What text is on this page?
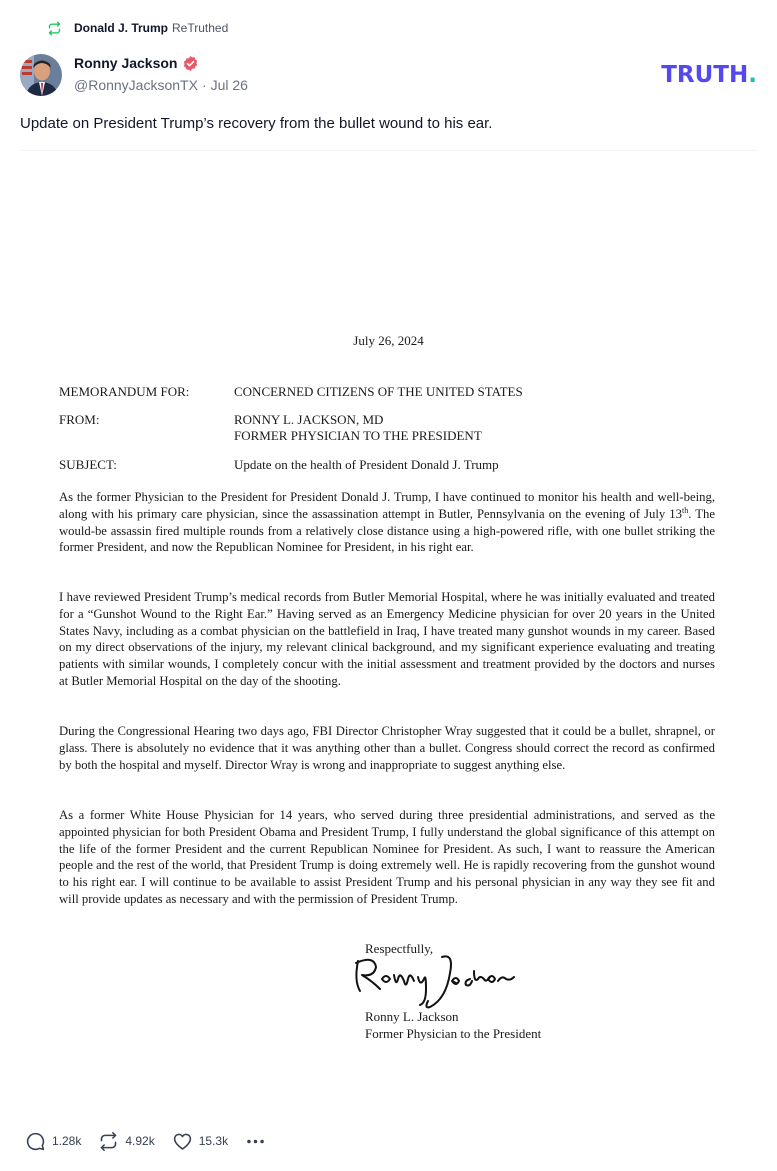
Donald J. Trump ReTruthed
Ronny Jackson
@RonnyJacksonTX · Jul 26	TRUTH.
Update on President Trump’s recovery from the bullet wound to his ear.
July 26, 2024
MEMORANDUM FOR:	CONCERNED CITIZENS OF THE UNITED STATES
FROM:	RONNY L. JACKSON, MD
FORMER PHYSICIAN TO THE PRESIDENT
SUBJECT:	Update on the health of President Donald J. Trump
As the former Physician to the President for President Donald J. Trump, I have continued to monitor his health and well-being, along with his primary care physician, since the assassination attempt in Butler, Pennsylvania on the evening of July 13th. The would-be assassin fired multiple rounds from a relatively close distance using a high-powered rifle, with one bullet striking the former President, and now the Republican Nominee for President, in his right ear.
I have reviewed President Trump’s medical records from Butler Memorial Hospital, where he was initially evaluated and treated for a “Gunshot Wound to the Right Ear.” Having served as an Emergency Medicine physician for over 20 years in the United States Navy, including as a combat physician on the battlefield in Iraq, I have treated many gunshot wounds in my career. Based on my direct observations of the injury, my relevant clinical background, and my significant experience evaluating and treating patients with similar wounds, I completely concur with the initial assessment and treatment provided by the doctors and nurses at Butler Memorial Hospital on the day of the shooting.
During the Congressional Hearing two days ago, FBI Director Christopher Wray suggested that it could be a bullet, shrapnel, or glass. There is absolutely no evidence that it was anything other than a bullet. Congress should correct the record as confirmed by both the hospital and myself. Director Wray is wrong and inappropriate to suggest anything else.
As a former White House Physician for 14 years, who served during three presidential administrations, and served as the appointed physician for both President Obama and President Trump, I fully understand the global significance of this attempt on the life of the former President and the current Republican Nominee for President. As such, I want to reassure the American people and the rest of the world, that President Trump is doing extremely well. He is rapidly recovering from the gunshot wound to his right ear. I will continue to be available to assist President Trump and his personal physician in any way they see fit and will provide updates as necessary and with the permission of President Trump.
Respectfully,
Ronny L. Jackson
Former Physician to the President
1.28k	4.92k	15.3k
